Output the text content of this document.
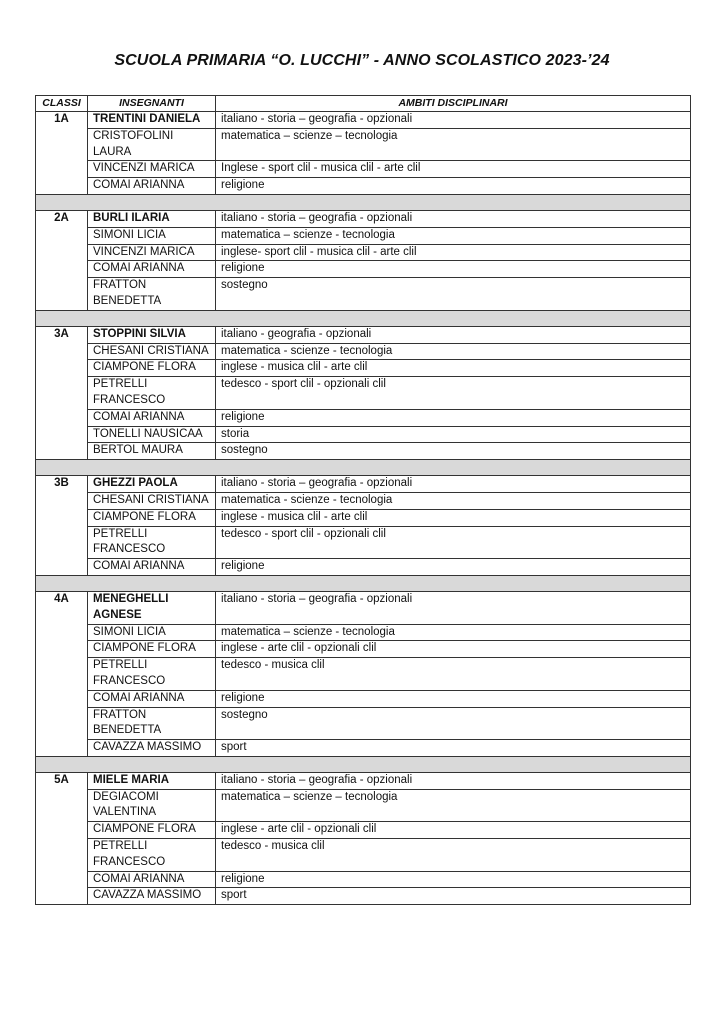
SCUOLA PRIMARIA “O. LUCCHI” - ANNO SCOLASTICO 2023-’24
CLASSI	INSEGNANTI	AMBITI DISCIPLINARI
1A	TRENTINI DANIELA	italiano - storia – geografia - opzionali
	CRISTOFOLINI LAURA	matematica – scienze – tecnologia
	VINCENZI MARICA	Inglese - sport clil - musica clil - arte clil
	COMAI ARIANNA	religione

2A	BURLI ILARIA	italiano - storia – geografia - opzionali
	SIMONI LICIA	matematica – scienze - tecnologia
	VINCENZI MARICA	inglese- sport clil - musica clil - arte clil
	COMAI ARIANNA	religione
	FRATTON BENEDETTA	sostegno

3A	STOPPINI SILVIA	italiano - geografia - opzionali
	CHESANI CRISTIANA	matematica - scienze - tecnologia
	CIAMPONE FLORA	inglese - musica clil - arte clil
	PETRELLI FRANCESCO	tedesco - sport clil - opzionali clil
	COMAI ARIANNA	religione
	TONELLI NAUSICAA	storia
	BERTOL MAURA	sostegno

3B	GHEZZI PAOLA	italiano - storia – geografia - opzionali
	CHESANI CRISTIANA	matematica - scienze - tecnologia
	CIAMPONE FLORA	inglese - musica clil - arte clil
	PETRELLI FRANCESCO	tedesco - sport clil - opzionali clil
	COMAI ARIANNA	religione

4A	MENEGHELLI AGNESE	italiano - storia – geografia - opzionali
	SIMONI LICIA	matematica – scienze - tecnologia
	CIAMPONE FLORA	inglese - arte clil - opzionali clil
	PETRELLI FRANCESCO	tedesco - musica clil
	COMAI ARIANNA	religione
	FRATTON BENEDETTA	sostegno
	CAVAZZA MASSIMO	sport

5A	MIELE MARIA	italiano - storia – geografia - opzionali
	DEGIACOMI VALENTINA	matematica – scienze – tecnologia
	CIAMPONE FLORA	inglese - arte clil - opzionali clil
	PETRELLI FRANCESCO	tedesco - musica clil
	COMAI ARIANNA	religione
	CAVAZZA MASSIMO	sport
